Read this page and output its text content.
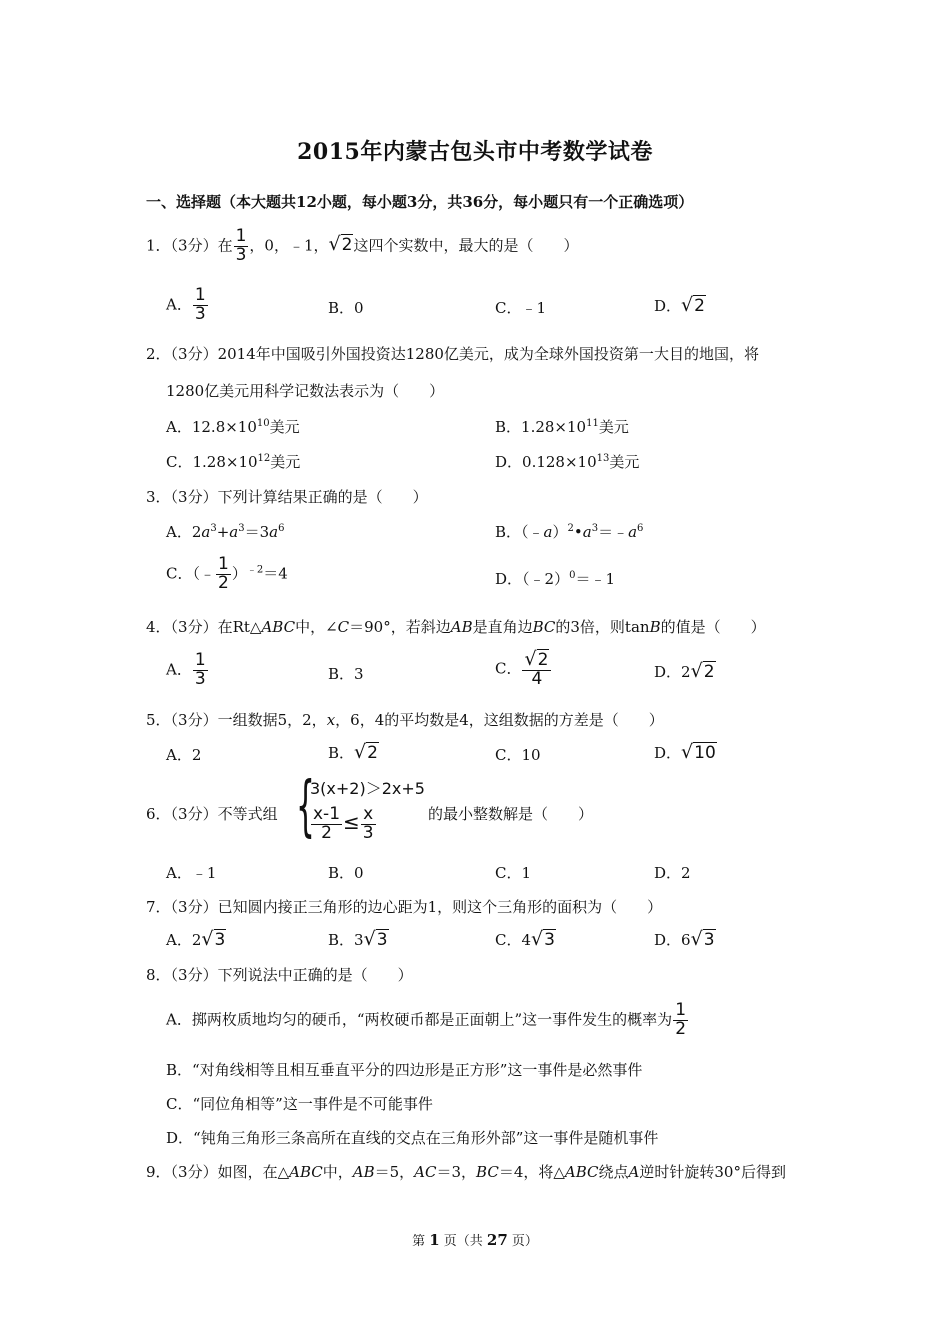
2015年内蒙古包头市中考数学试卷
一、选择题（本大题共12小题，每小题3分，共36分，每小题只有一个正确选项）
1．（3分）在 $\frac{1}{3}$ ，0，﹣1，√2这四个实数中，最大的是（　　）
A． $\frac{1}{3}$	B．0	C．﹣1	D．√2
2．（3分）2014年中国吸引外国投资达1280亿美元，成为全球外国投资第一大目的地国，将
1280亿美元用科学记数法表示为（　　）
A．$12.8\times 10^{10}$美元	B．$1.28\times 10^{11}$美元
C．$1.28\times 10^{12}$美元	D．$0.128\times 10^{13}$美元
3．（3分）下列计算结果正确的是（　　）
A．$2a^3+a^3=3a^6$	B．$(﹣a)^2•a^3=﹣a^6$
C．（﹣ $\frac{1}{2} )^{﹣2}=4$	D．（﹣2）$^0$＝﹣1
4．（3分）在Rt△ABC中，∠C＝90°，若斜边AB是直角边BC的3倍，则tanB的值是（　　）
A． $\frac{1}{3}$	B．3	C． $\frac{√2}{4}$	D．2√2
5．（3分）一组数据5，2，x，6，4的平均数是4，这组数据的方差是（　　）
A．2	B．√2	C．10	D．√10
6．（3分）不等式组 {
3(x+2)＞2x+5
$\frac{x-1}{2} \le \frac{x}{3}$	的最小整数解是（　　）
A．﹣1	B．0	C．1	D．2
7．（3分）已知圆内接正三角形的边心距为1，则这个三角形的面积为（　　）
A．2√3	B．3√3	C．4√3	D．6√3
8．（3分）下列说法中正确的是（　　）
A．掷两枚质地均匀的硬币，“两枚硬币都是正面朝上”这一事件发生的概率为 $\frac{1}{2}$
B．“对角线相等且相互垂直平分的四边形是正方形”这一事件是必然事件
C．“同位角相等”这一事件是不可能事件
D．“钝角三角形三条高所在直线的交点在三角形外部”这一事件是随机事件
9．（3分）如图，在△ABC中，AB＝5，AC＝3，BC＝4，将△ABC绕点A逆时针旋转30°后得到
第 1 页（共 27 页）
